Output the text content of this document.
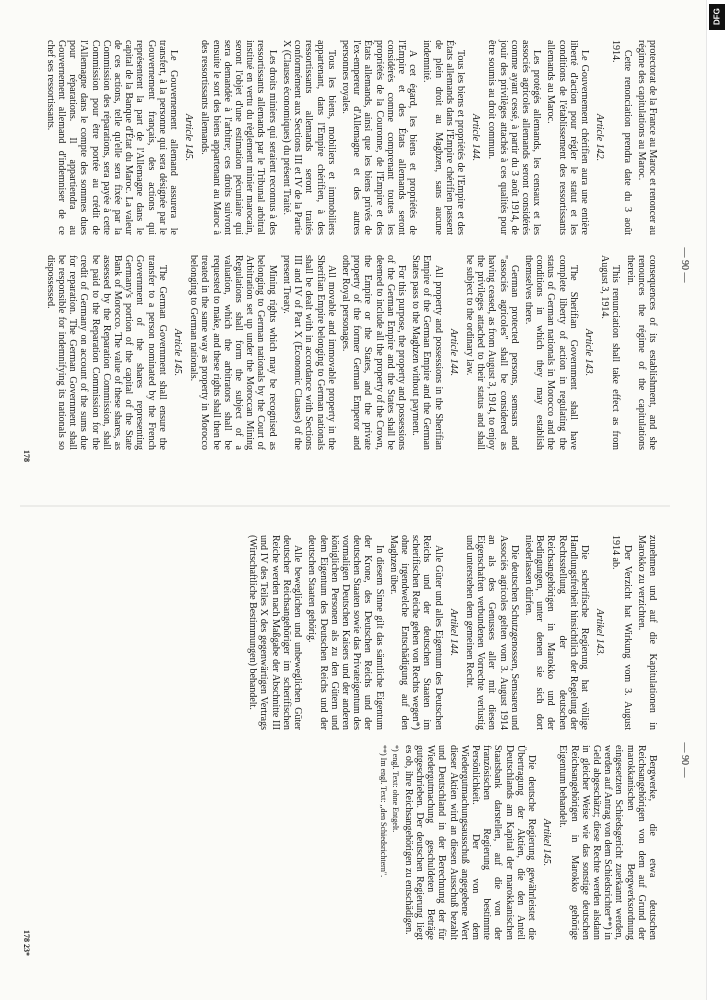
— 90 —
— 90 —

protectorat de la France au Maroc et renoncer au régime des capitulations au Maroc.

Cette renonciation prendra date du 3 août 1914.

Article 142.

Le Gouvernement chérifien aura une entière liberté d'action pour régler le statut et les conditions de l'établissement des ressortissants allemands au Maroc.

Les protégés allemands, les censaux et les associés agricoles allemands seront considérés comme ayant cessé, à partir du 3 août 1914, de jouir des privilèges attachés à ces qualités pour être soumis au droit commun.

Article 144.

Tous les biens et propriétés de l'Empire et des États allemands dans l'Empire chérifien passent de plein droit au Maghzen, sans aucune indemnité.

A cet égard, les biens et propriétés de l'Empire et des États allemands seront considérés comme comprenant toutes les propriétés de la Couronne, de l'Empire et des États allemands, ainsi que les biens privés de l'ex-empereur d'Allemagne et des autres personnes royales.

Tous les biens, mobiliers et immobiliers appartenant, dans l'Empire chérifien, à des ressortissants allemands seront traités conformément aux Sections III et IV de la Partie X (Clauses économiques) du présent Traité.

Les droits miniers qui seraient reconnus à des ressortissants allemands par le Tribunal arbitral institué en vertu du règlement minier marocain, seront l'objet d'une estimation pécuniaire qui sera demandée à l'arbitre; ces droits suivront ensuite le sort des biens appartenant au Maroc à des ressortissants allemands.

Article 145.

Le Gouvernement allemand assurera le transfert, à la personne qui sera désignée par le Gouvernement français, des actions qui représentent la part de l'Allemagne dans le capital de la Banque d'État du Maroc. La valeur de ces actions, telle qu'elle sera fixée par la Commission des réparations, sera payée à cette Commission pour être portée au crédit de l'Allemagne dans le compte des sommes dues pour réparations. Il appartiendra au Gouvernement allemand d'indemniser de ce chef ses ressortissants.

consequences of its establishment, and she renounces the régime of the capitulations therein.

This renunciation shall take effect as from August 3, 1914.

Article 143.

The Sherifian Government shall have complete liberty of action in regulating the status of German nationals in Morocco and the conditions in which they may establish themselves there.

German protected persons, semsars and "associés agricoles" shall be considered as having ceased, as from August 3, 1914, to enjoy the privileges attached to their status and shall be subject to the ordinary law.

Article 144.

All property and possessions in the Sherifian Empire of the German Empire and the German States pass to the Maghzen without payment.

For this purpose, the property and possessions of the German Empire and the States shall be deemed to include all the property of the Crown, the Empire or the States, and the private property of the former German Emperor and other Royal personages.

All movable and immovable property in the Sherifian Empire belonging to German nationals shall be dealt with in accordance with Sections III and IV of Part X (Economic Clauses) of the present Treaty.

Mining rights which may be recognised as belonging to German nationals by the Court of Arbitration set up under the Moroccan Mining Regulations shall form the subject of a valuation, which the arbitrators shall be requested to make, and these rights shall then be treated in the same way as property in Morocco belonging to German nationals.

Article 145.

The German Government shall ensure the transfer to a person nominated by the French Government of the shares representing Germany's portion of the capital of the State Bank of Morocco. The value of these shares, as assessed by the Reparation Commission, shall be paid to the Reparation Commission for the credit of Germany on account of the sums due for reparation. The German Government shall be responsible for indemnifying its nationals so dispossessed.

zunehmen und auf die Kapitulationen in Marokko zu verzichten.

Der Verzicht hat Wirkung vom 3. August 1914 ab.

Artikel 143.

Die scherifische Regierung hat völlige Handlungsfreiheit hinsichtlich der Regelung der Rechtsstellung der deutschen Reichsangehörigen in Marokko und der Bedingungen, unter denen sie sich dort niederlassen dürfen.

Die deutschen Schutzgenossen, Semsaren und Associés agricoles gelten vom 3. August 1914 an als des Genusses aller mit diesen Eigenschaften verbundenen Vorrechte verlustig und unterstehen dem gemeinen Recht.

Artikel 144.

Alle Güter und alles Eigentum des Deutschen Reichs und der deutschen Staaten im scherifischen Reiche gehen von Rechts wegen*) ohne irgendwelche Entschädigung auf den Maghzen über.

In diesem Sinne gilt das sämtliche Eigentum der Krone, des Deutschen Reichs und der deutschen Staaten sowie das Privateigentum des vormaligen Deutschen Kaisers und der anderen königlichen Personen als zu den Gütern und dem Eigentum des Deutschen Reichs und der deutschen Staaten gehörig.

Alle beweglichen und unbeweglichen Güter deutscher Reichsangehöriger im scherifischen Reiche werden nach Maßgabe der Abschnitte III und IV des Teiles X des gegenwärtigen Vertrags (Wirtschaftliche Bestimmungen) behandelt.

Bergwerke, die etwa deutschen Reichsangehörigen von dem auf Grund der marokkanischen Bergwerksordnung eingesetzten Schiedsgericht zuerkannt werden, werden auf Antrag von dem Schiedsrichter**) in Geld abgeschätzt; diese Rechte werden alsdann in gleicher Weise wie das sonstige deutschen Reichsangehörigen in Marokko gehörige Eigentum behandelt.

Artikel 145.

Die deutsche Regierung gewährleistet die Übertragung der Aktien, die den Anteil Deutschlands am Kapital der marokkanischen Staatsbank darstellen, auf die von der französischen Regierung bestimmte Persönlichkeit. Der von dem Wiedergutmachungsausschuß angegebene Wert dieser Aktien wird an diesen Ausschuß bezahlt und Deutschland in der Berechnung der für Wiedergutmachung geschuldeten Beträge gutgeschrieben. Der deutschen Regierung liegt es ob, ihre Reichsangehörigen zu entschädigen.

*) engl. Text: ohne Entgelt.

**) Im engl. Text: ,,den Schiedsrichtern".

178
178 23*
DFG
